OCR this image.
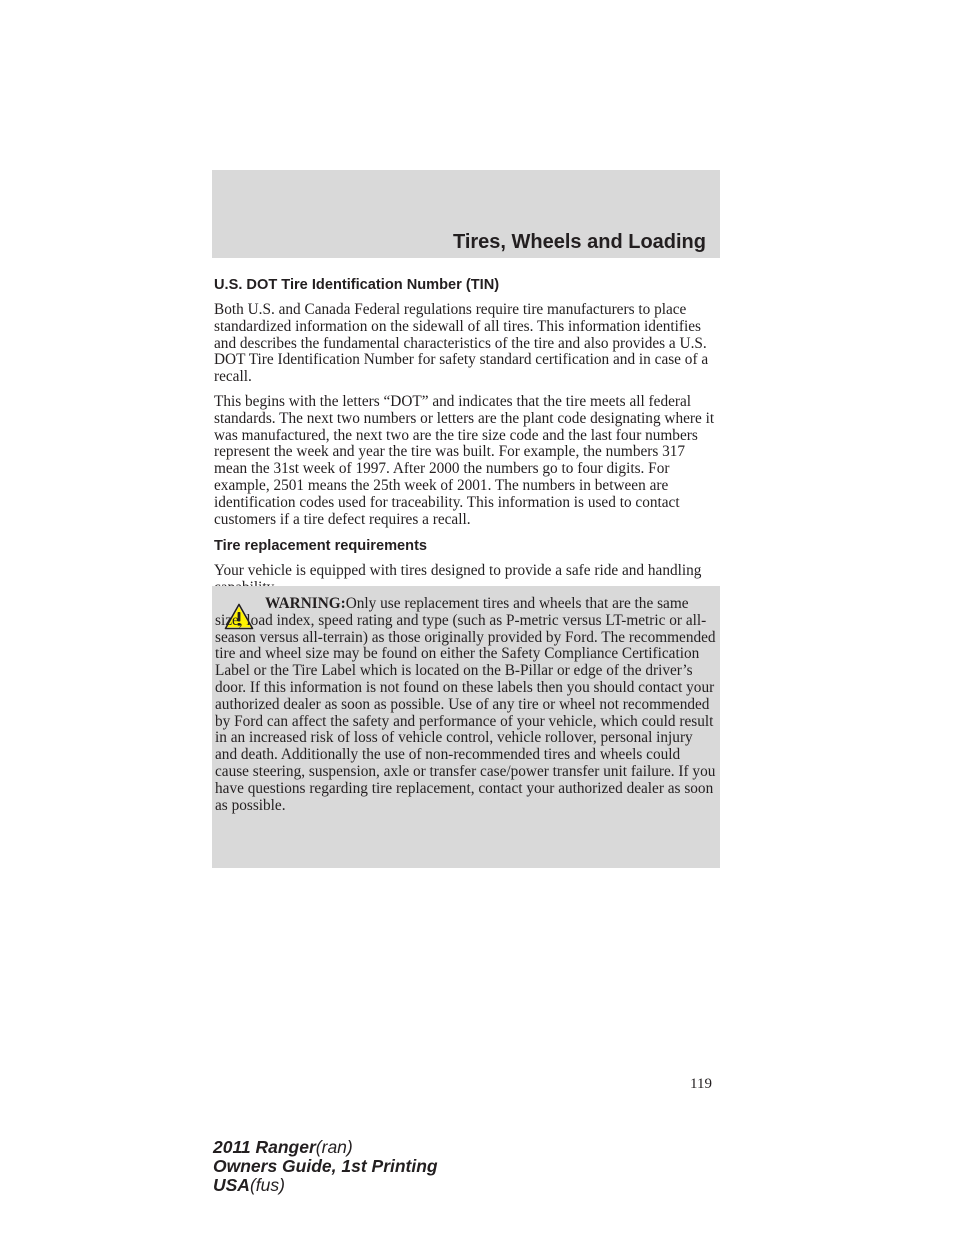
Tires, Wheels and Loading
U.S. DOT Tire Identification Number (TIN)

Both U.S. and Canada Federal regulations require tire manufacturers to place standardized information on the sidewall of all tires. This information identifies and describes the fundamental characteristics of the tire and also provides a U.S. DOT Tire Identification Number for safety standard certification and in case of a recall.

This begins with the letters “DOT” and indicates that the tire meets all federal standards. The next two numbers or letters are the plant code designating where it was manufactured, the next two are the tire size code and the last four numbers represent the week and year the tire was built. For example, the numbers 317 mean the 31st week of 1997. After 2000 the numbers go to four digits. For example, 2501 means the 25th week of 2001. The numbers in between are identification codes used for traceability. This information is used to contact customers if a tire defect requires a recall.

Tire replacement requirements

Your vehicle is equipped with tires designed to provide a safe ride and handling

WARNING:Only use replacement tires and wheels that are the same size, load index, speed rating and type (such as P-metric versus LT-metric or all-season versus all-terrain) as those originally provided by Ford. The recommended tire and wheel size may be found on either the Safety Compliance Certification Label or the Tire Label which is located on the B-Pillar or edge of the driver’s door. If this information is not found on these labels then you should contact your authorized dealer as soon as possible. Use of any tire or wheel not recommended by Ford can affect the safety and performance of your vehicle, which could result in an increased risk of loss of vehicle control, vehicle rollover, personal injury and death. Additionally the use of non-recommended tires and wheels could cause steering, suspension, axle or transfer case/power transfer unit failure. If you have questions regarding tire replacement, contact your authorized dealer as soon as possible.

119
2011 Ranger(ran)
Owners Guide, 1st Printing
USA(fus)
